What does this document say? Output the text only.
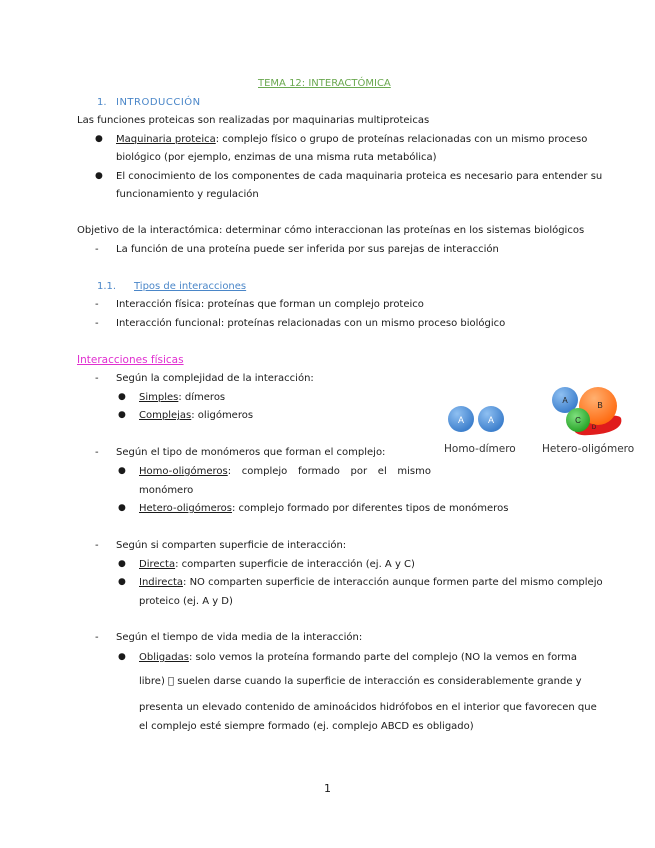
TEMA 12: INTERACTÓMICA
1. INTRODUCCIÓN
Las funciones proteicas son realizadas por maquinarias multiproteicas
● Maquinaria proteica: complejo físico o grupo de proteínas relacionadas con un mismo proceso
biológico (por ejemplo, enzimas de una misma ruta metabólica)
● El conocimiento de los componentes de cada maquinaria proteica es necesario para entender su
funcionamiento y regulación
Objetivo de la interactómica: determinar cómo interaccionan las proteínas en los sistemas biológicos
- La función de una proteína puede ser inferida por sus parejas de interacción
1.1. Tipos de interacciones
- Interacción física: proteínas que forman un complejo proteico
- Interacción funcional: proteínas relacionadas con un mismo proceso biológico
Interacciones físicas
- Según la complejidad de la interacción:
● Simples: dímeros
● Complejas: oligómeros
- Según el tipo de monómeros que forman el complejo:
● Homo-oligómeros: complejo formado por el mismo
monómero
● Hetero-oligómeros: complejo formado por diferentes tipos de monómeros
- Según si comparten superficie de interacción:
● Directa: comparten superficie de interacción (ej. A y C)
● Indirecta: NO comparten superficie de interacción aunque formen parte del mismo complejo
proteico (ej. A y D)
- Según el tiempo de vida media de la interacción:
● Obligadas: solo vemos la proteína formando parte del complejo (NO la vemos en forma
libre)   suelen darse cuando la superficie de interacción es considerablemente grande y
presenta un elevado contenido de aminoácidos hidrófobos en el interior que favorecen que
el complejo esté siempre formado (ej. complejo ABCD es obligado)
1
A	A
A
B
C
D
Homo-dímero	Hetero-oligómero
